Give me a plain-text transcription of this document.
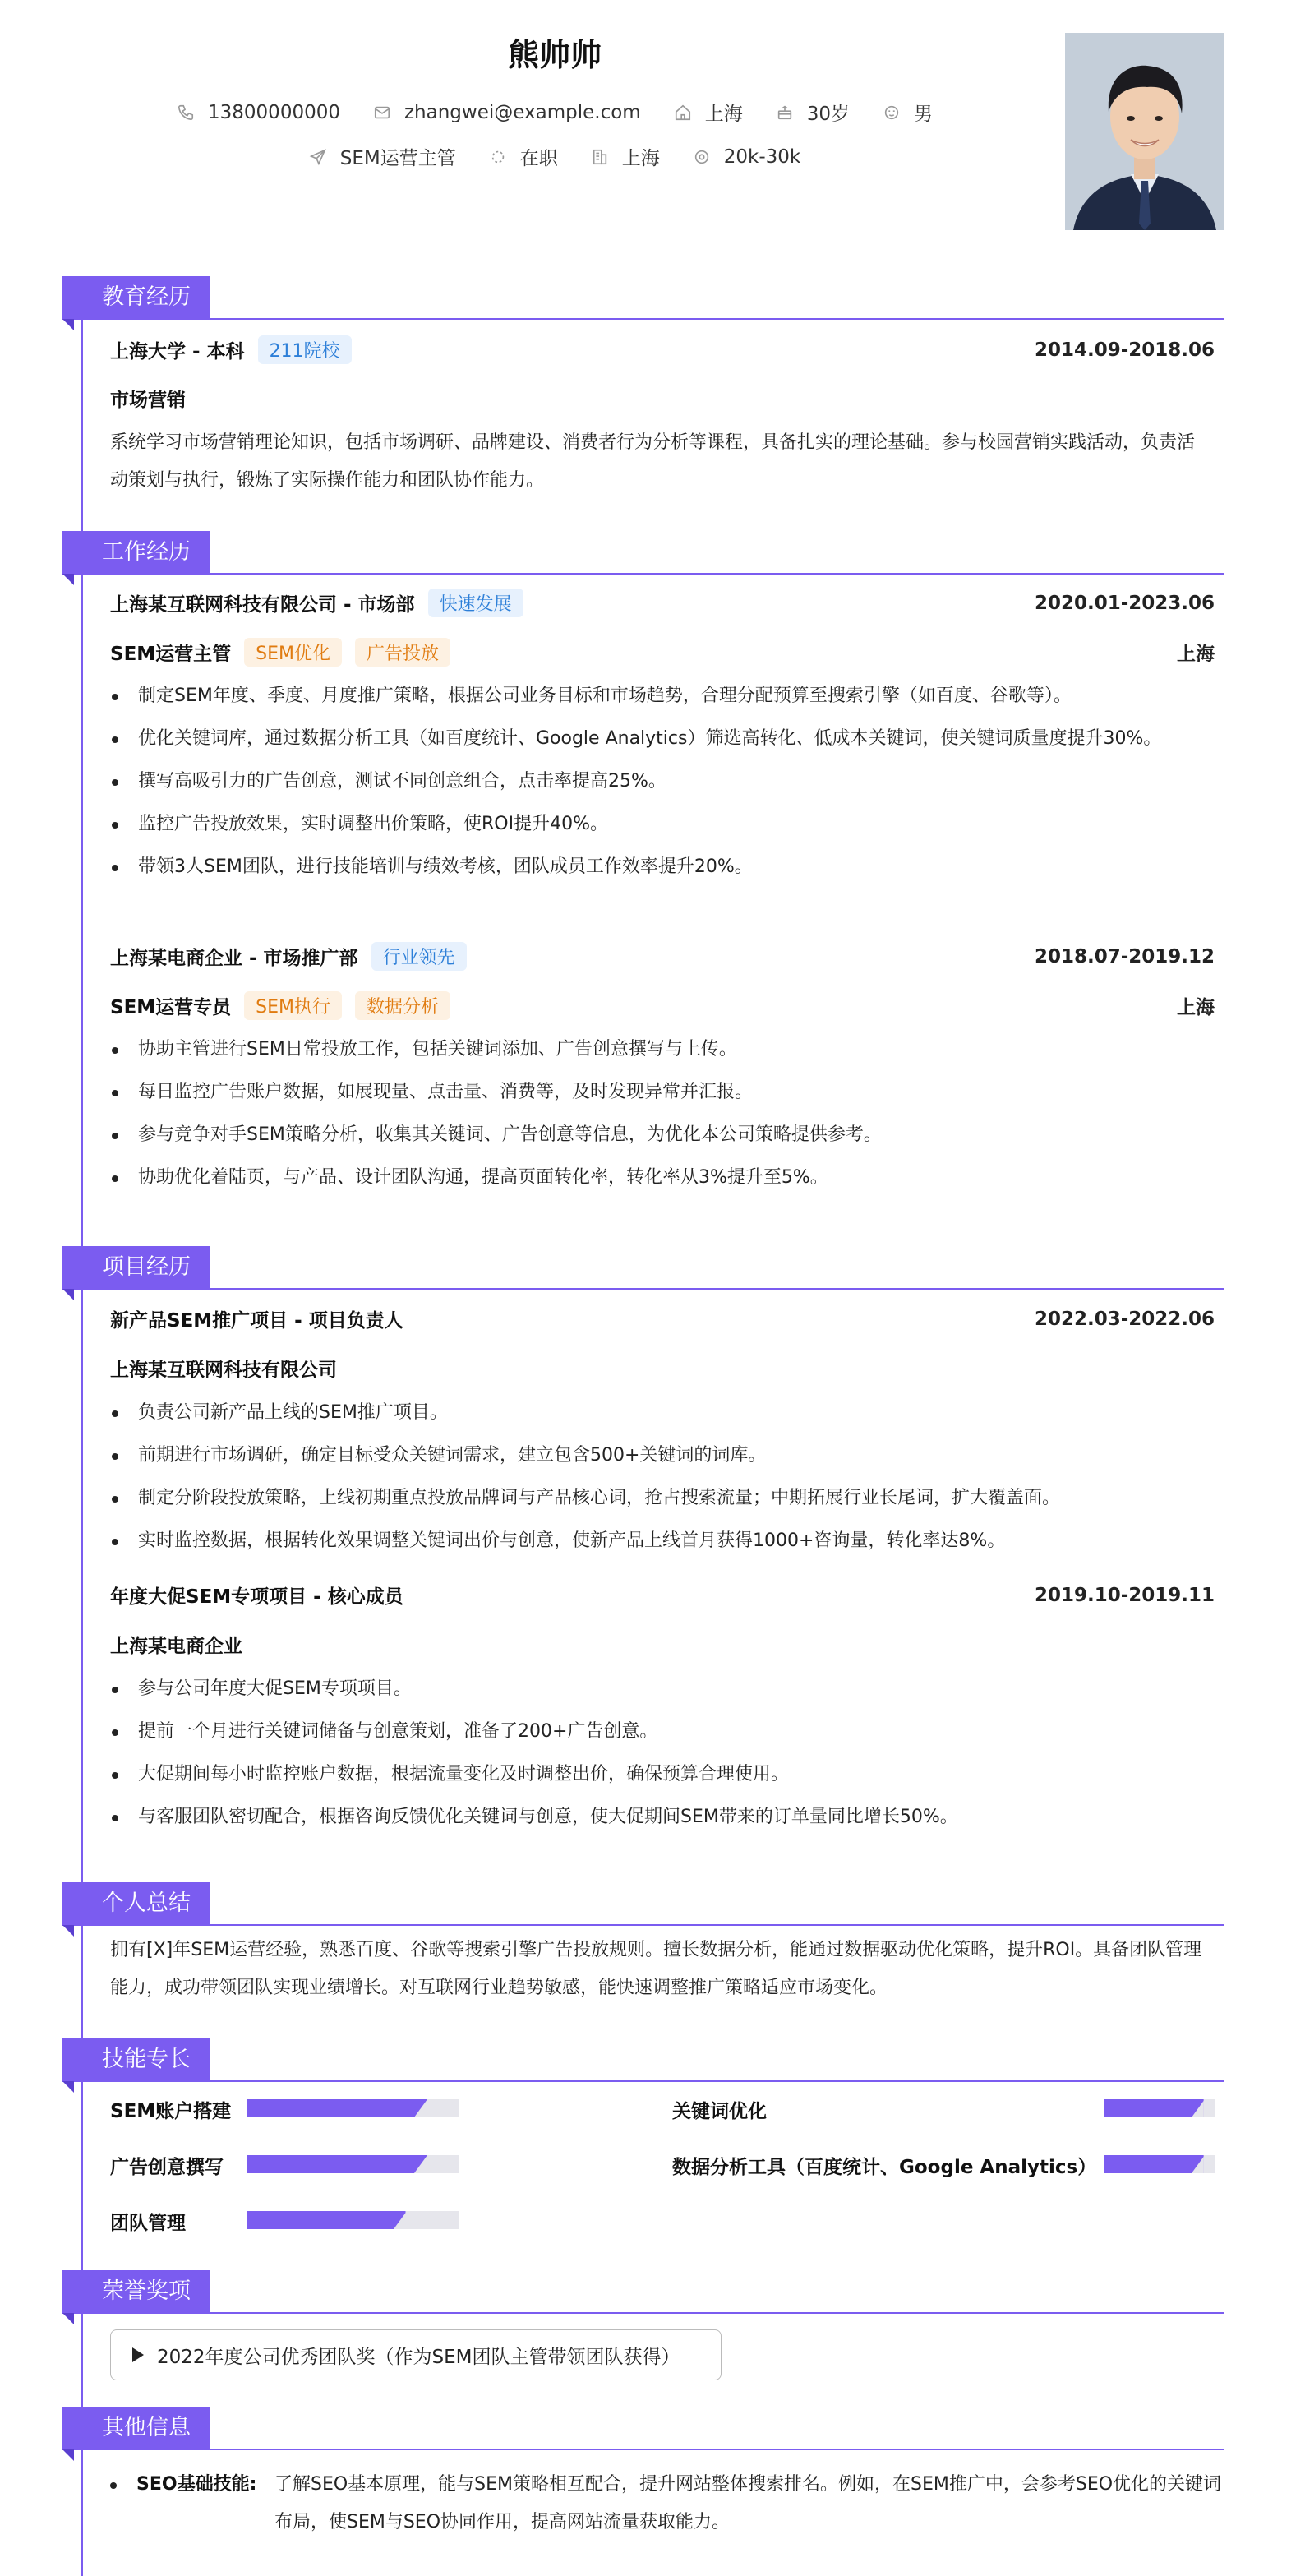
熊帅帅
13800000000	zhangwei@example.com	上海	30岁	男
SEM运营主管	在职	上海	20k-30k
教育经历
上海大学 - 本科	211院校	2014.09-2018.06
市场营销
系统学习市场营销理论知识，包括市场调研、品牌建设、消费者行为分析等课程，具备扎实的理论基础。参与校园营销实践活动，负责活动策划与执行，锻炼了实际操作能力和团队协作能力。
工作经历
上海某互联网科技有限公司 - 市场部	快速发展	2020.01-2023.06
SEM运营主管	SEM优化	广告投放	上海
制定SEM年度、季度、月度推广策略，根据公司业务目标和市场趋势，合理分配预算至搜索引擎（如百度、谷歌等）。
优化关键词库，通过数据分析工具（如百度统计、Google Analytics）筛选高转化、低成本关键词，使关键词质量度提升30%。
撰写高吸引力的广告创意，测试不同创意组合，点击率提高25%。
监控广告投放效果，实时调整出价策略，使ROI提升40%。
带领3人SEM团队，进行技能培训与绩效考核，团队成员工作效率提升20%。
上海某电商企业 - 市场推广部	行业领先	2018.07-2019.12
SEM运营专员	SEM执行	数据分析	上海
协助主管进行SEM日常投放工作，包括关键词添加、广告创意撰写与上传。
每日监控广告账户数据，如展现量、点击量、消费等，及时发现异常并汇报。
参与竞争对手SEM策略分析，收集其关键词、广告创意等信息，为优化本公司策略提供参考。
协助优化着陆页，与产品、设计团队沟通，提高页面转化率，转化率从3%提升至5%。
项目经历
新产品SEM推广项目 - 项目负责人	2022.03-2022.06
上海某互联网科技有限公司
负责公司新产品上线的SEM推广项目。
前期进行市场调研，确定目标受众关键词需求，建立包含500+关键词的词库。
制定分阶段投放策略，上线初期重点投放品牌词与产品核心词，抢占搜索流量；中期拓展行业长尾词，扩大覆盖面。
实时监控数据，根据转化效果调整关键词出价与创意，使新产品上线首月获得1000+咨询量，转化率达8%。
年度大促SEM专项项目 - 核心成员	2019.10-2019.11
上海某电商企业
参与公司年度大促SEM专项项目。
提前一个月进行关键词储备与创意策划，准备了200+广告创意。
大促期间每小时监控账户数据，根据流量变化及时调整出价，确保预算合理使用。
与客服团队密切配合，根据咨询反馈优化关键词与创意，使大促期间SEM带来的订单量同比增长50%。
个人总结
拥有[X]年SEM运营经验，熟悉百度、谷歌等搜索引擎广告投放规则。擅长数据分析，能通过数据驱动优化策略，提升ROI。具备团队管理能力，成功带领团队实现业绩增长。对互联网行业趋势敏感，能快速调整推广策略适应市场变化。
技能专长
SEM账户搭建	关键词优化
广告创意撰写	数据分析工具（百度统计、Google Analytics）
团队管理
荣誉奖项
2022年度公司优秀团队奖（作为SEM团队主管带领团队获得）
其他信息
SEO基础技能: 了解SEO基本原理，能与SEM策略相互配合，提升网站整体搜索排名。例如，在SEM推广中，会参考SEO优化的关键词布局，使SEM与SEO协同作用，提高网站流量获取能力。
